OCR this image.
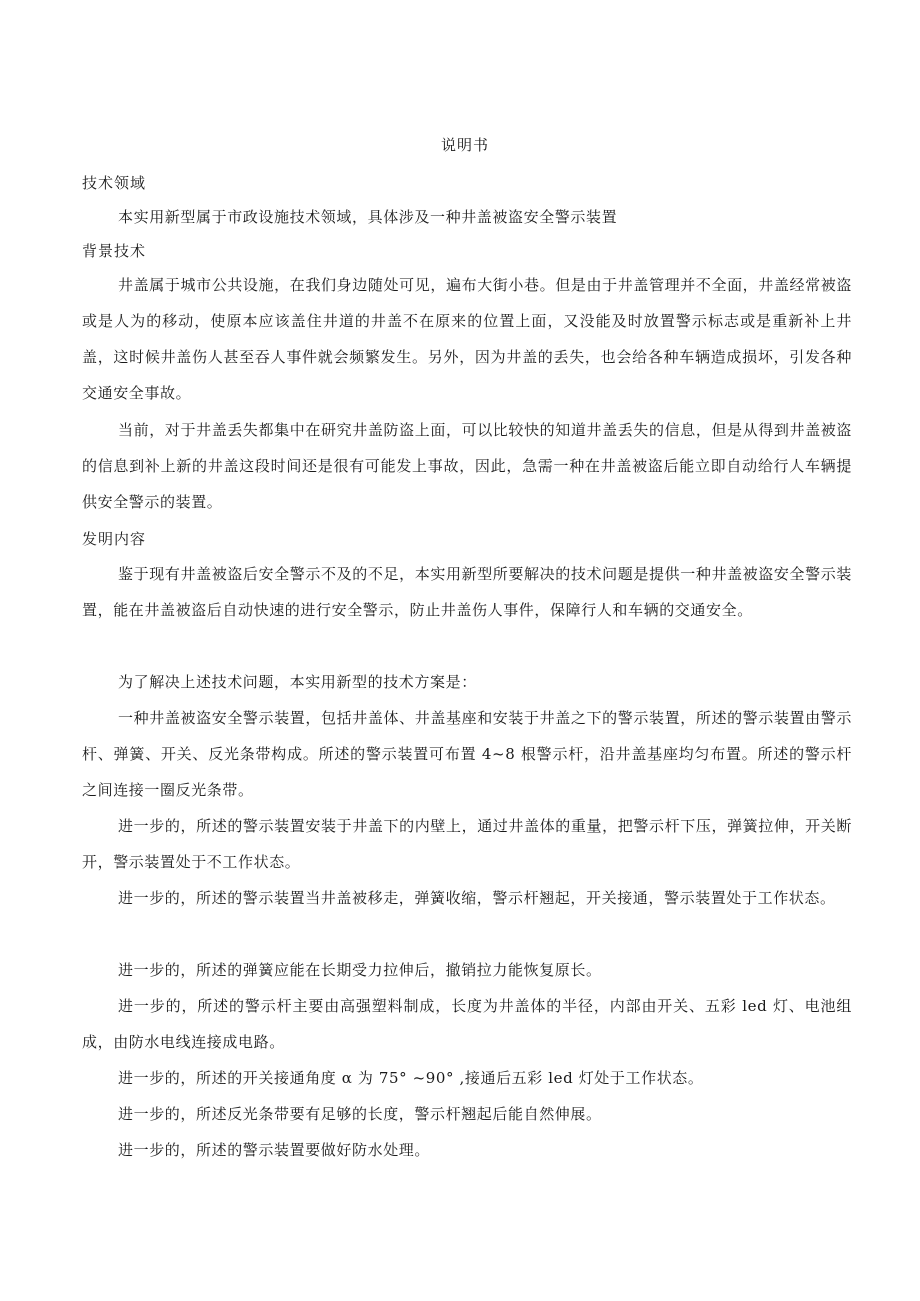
说明书
技术领域
本实用新型属于市政设施技术领域，具体涉及一种井盖被盗安全警示装置
背景技术
井盖属于城市公共设施，在我们身边随处可见，遍布大街小巷。但是由于井盖管理并不全面，井盖经常被盗或是人为的移动，使原本应该盖住井道的井盖不在原来的位置上面，又没能及时放置警示标志或是重新补上井盖，这时候井盖伤人甚至吞人事件就会频繁发生。另外，因为井盖的丢失，也会给各种车辆造成损坏，引发各种交通安全事故。
当前，对于井盖丢失都集中在研究井盖防盗上面，可以比较快的知道井盖丢失的信息，但是从得到井盖被盗的信息到补上新的井盖这段时间还是很有可能发上事故，因此，急需一种在井盖被盗后能立即自动给行人车辆提供安全警示的装置。
发明内容
鉴于现有井盖被盗后安全警示不及的不足，本实用新型所要解决的技术问题是提供一种井盖被盗安全警示装置，能在井盖被盗后自动快速的进行安全警示，防止井盖伤人事件，保障行人和车辆的交通安全。
为了解决上述技术问题，本实用新型的技术方案是：
一种井盖被盗安全警示装置，包括井盖体、井盖基座和安装于井盖之下的警示装置，所述的警示装置由警示杆、弹簧、开关、反光条带构成。所述的警示装置可布置 4~8 根警示杆，沿井盖基座均匀布置。所述的警示杆之间连接一圈反光条带。
进一步的，所述的警示装置安装于井盖下的内壁上，通过井盖体的重量，把警示杆下压，弹簧拉伸，开关断开，警示装置处于不工作状态。
进一步的，所述的警示装置当井盖被移走，弹簧收缩，警示杆翘起，开关接通，警示装置处于工作状态。
进一步的，所述的弹簧应能在长期受力拉伸后，撤销拉力能恢复原长。
进一步的，所述的警示杆主要由高强塑料制成，长度为井盖体的半径，内部由开关、五彩 led 灯、电池组成，由防水电线连接成电路。
进一步的，所述的开关接通角度 α 为 75° ~90° ,接通后五彩 led 灯处于工作状态。
进一步的，所述反光条带要有足够的长度，警示杆翘起后能自然伸展。
进一步的，所述的警示装置要做好防水处理。
